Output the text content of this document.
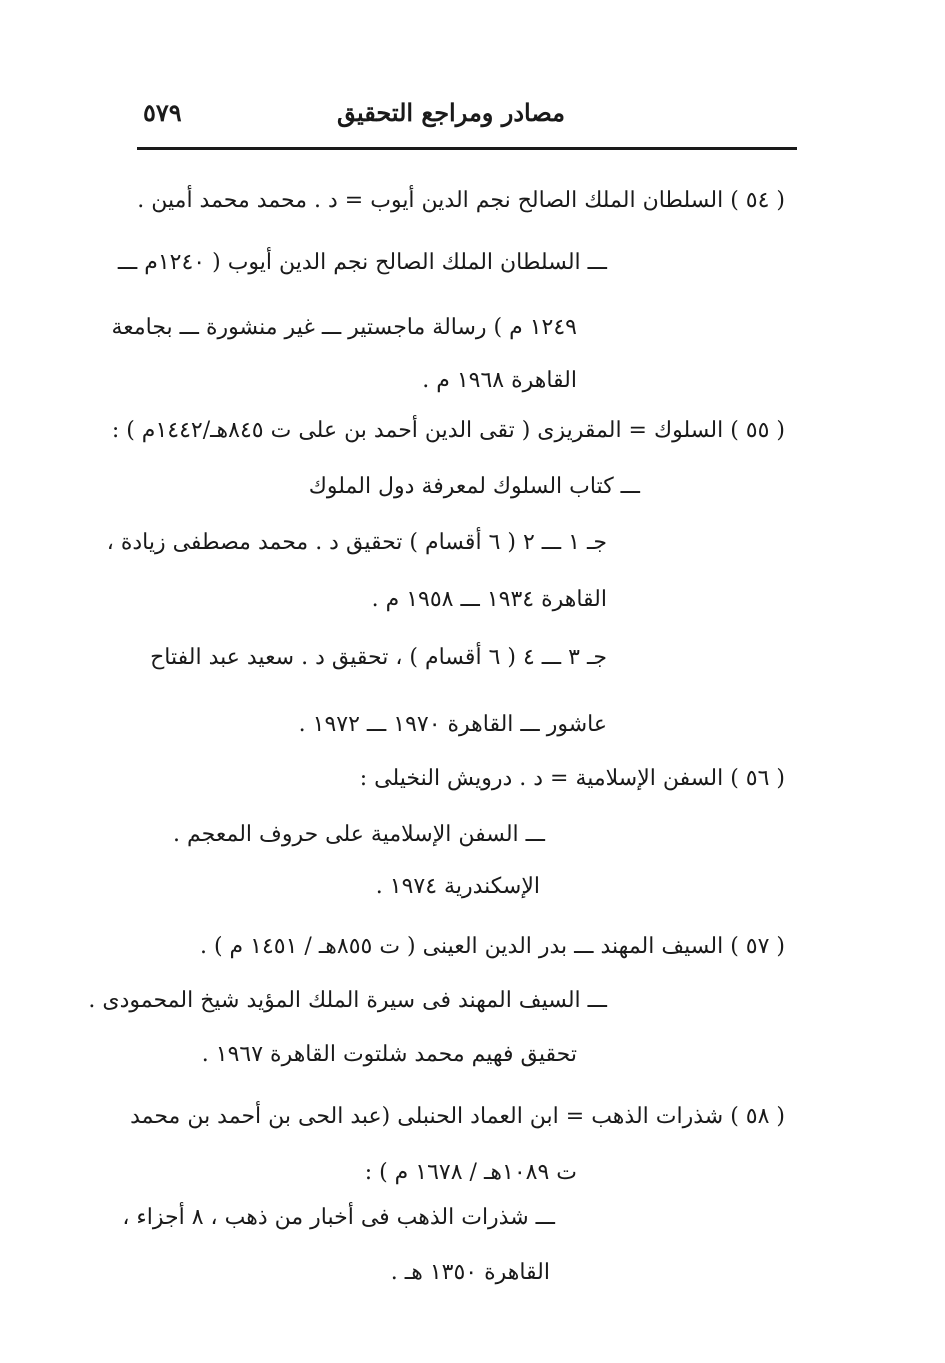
٥٧٩	مصادر ومراجع التحقيق
( ٥٤ ) السلطان الملك الصالح نجم الدين أيوب = د . محمد محمد أمين .
ـــ السلطان الملك الصالح نجم الدين أيوب ( ١٢٤٠م ـــ
١٢٤٩ م ) رسالة ماجستير ـــ غير منشورة ـــ بجامعة
القاهرة ١٩٦٨ م .
( ٥٥ ) السلوك = المقريزى ( تقى الدين أحمد بن على ت ٨٤٥هـ/١٤٤٢م ) :
ـــ كتاب السلوك لمعرفة دول الملوك
جـ ١ ـــ ٢ ( ٦ أقسام ) تحقيق د . محمد مصطفى زيادة ،
القاهرة ١٩٣٤ ـــ ١٩٥٨ م .
جـ ٣ ـــ ٤ ( ٦ أقسام ) ، تحقيق د . سعيد عبد الفتاح
عاشور ـــ القاهرة ١٩٧٠ ـــ ١٩٧٢ .
( ٥٦ ) السفن الإسلامية = د . درويش النخيلى :
ـــ السفن الإسلامية على حروف المعجم .
الإسكندرية ١٩٧٤ .
( ٥٧ ) السيف المهند ـــ بدر الدين العينى ( ت ٨٥٥هـ / ١٤٥١ م ) .
ـــ السيف المهند فى سيرة الملك المؤيد شيخ المحمودى .
تحقيق فهيم محمد شلتوت القاهرة ١٩٦٧ .
( ٥٨ ) شذرات الذهب = ابن العماد الحنبلى (عبد الحى بن أحمد بن محمد
ت ١٠٨٩هـ / ١٦٧٨ م ) :
ـــ شذرات الذهب فى أخبار من ذهب ، ٨ أجزاء ،
القاهرة ١٣٥٠ هـ .
